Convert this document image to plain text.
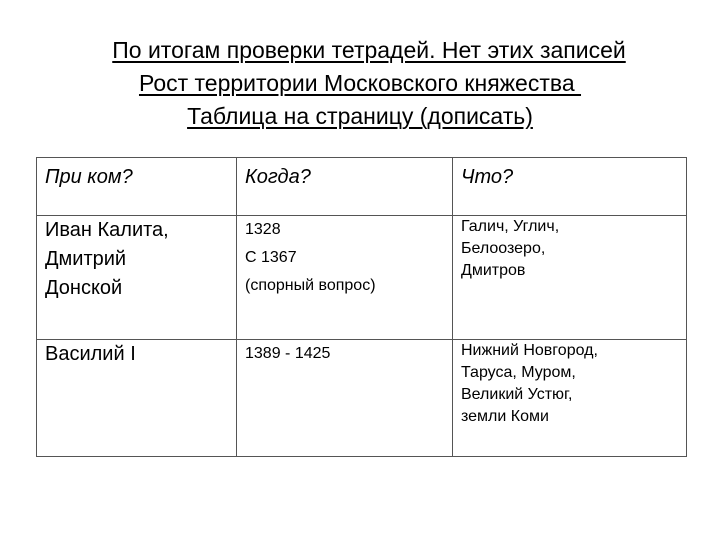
По итогам проверки тетрадей. Нет этих записей
Рост территории Московского княжества
Таблица на страницу (дописать)
При ком?	Когда?	Что?

Иван Калита,
Дмитрий
Донской	1328
С 1367
(спорный вопрос)	Галич, Углич,
Белоозеро,
Дмитров

Василий I	1389 - 1425	Нижний Новгород,
Таруса, Муром,
Великий Устюг,
земли Коми
